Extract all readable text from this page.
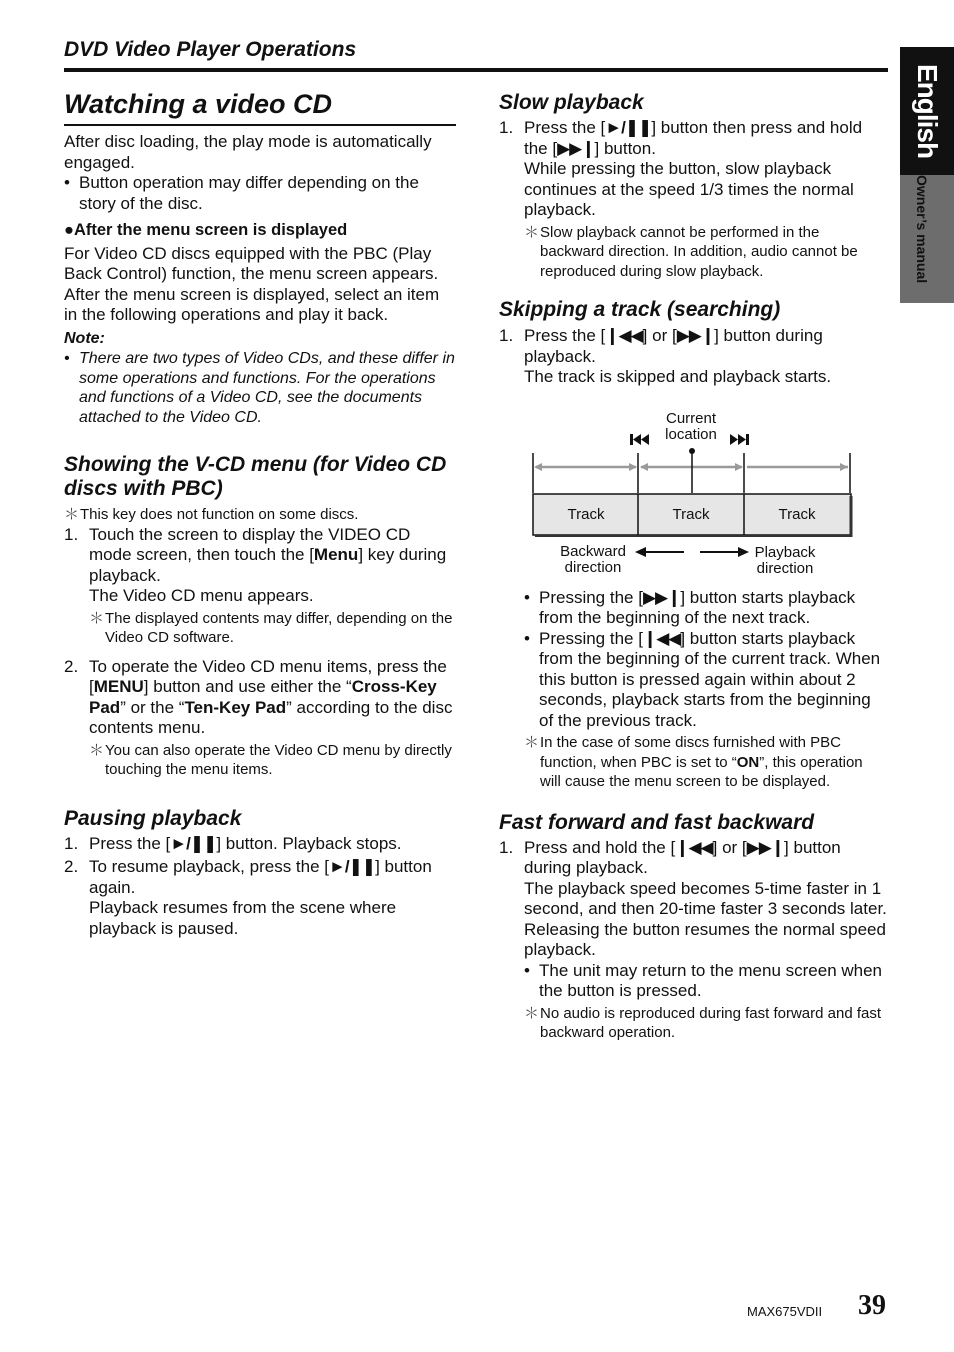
DVD Video Player Operations
English
Owner’s manual
Watching a video CD

After disc loading, the play mode is automatically engaged.

• Button operation may differ depending on the story of the disc.

●After the menu screen is displayed

For Video CD discs equipped with the PBC (Play Back Control) function, the menu screen appears. After the menu screen is displayed, select an item in the following operations and play it back.

Note:

• There are two types of Video CDs, and these differ in some operations and functions. For the operations and functions of a Video CD, see the documents attached to the Video CD.
Showing the V-CD menu (for Video CD discs with PBC)
＊ This key does not function on some discs.
1. Touch the screen to display the VIDEO CD mode screen, then touch the [Menu] key during playback.

The Video CD menu appears.

＊ The displayed contents may differ, depending on the Video CD software.
2. To operate the Video CD menu items, press the [MENU] button and use either the “Cross-Key Pad” or the “Ten-Key Pad” according to the disc contents menu.
＊ You can also operate the Video CD menu by directly touching the menu items.
Pausing playback
1. Press the [►/❚❚] button. Playback stops.
2. To resume playback, press the [►/❚❚] button again.

Playback resumes from the scene where playback is paused.

Slow playback
1. Press the [►/❚❚] button then press and hold the [▶▶❙] button.

While pressing the button, slow playback continues at the speed 1/3 times the normal playback.

＊ Slow playback cannot be performed in the backward direction. In addition, audio cannot be reproduced during slow playback.
Skipping a track (searching)
1. Press the [❙◀◀] or [▶▶❙] button during playback.

The track is skipped and playback starts.

• Pressing the [▶▶❙] button starts playback from the beginning of the next track.
• Pressing the [❙◀◀] button starts playback from the beginning of the current track. When this button is pressed again within about 2 seconds, playback starts from the beginning of the previous track.
＊ In the case of some discs furnished with PBC function, when PBC is set to “ON”, this operation will cause the menu screen to be displayed.
Fast forward and fast backward
1. Press and hold the [❙◀◀] or [▶▶❙] button during playback.

The playback speed becomes 5-time faster in 1 second, and then 20-time faster 3 seconds later.

Releasing the button resumes the normal speed playback.

• The unit may return to the menu screen when the button is pressed.
＊ No audio is reproduced during fast forward and fast backward operation.
Current location
Track	Track	Track
Backward direction
Playback direction
MAX675VDII 39
